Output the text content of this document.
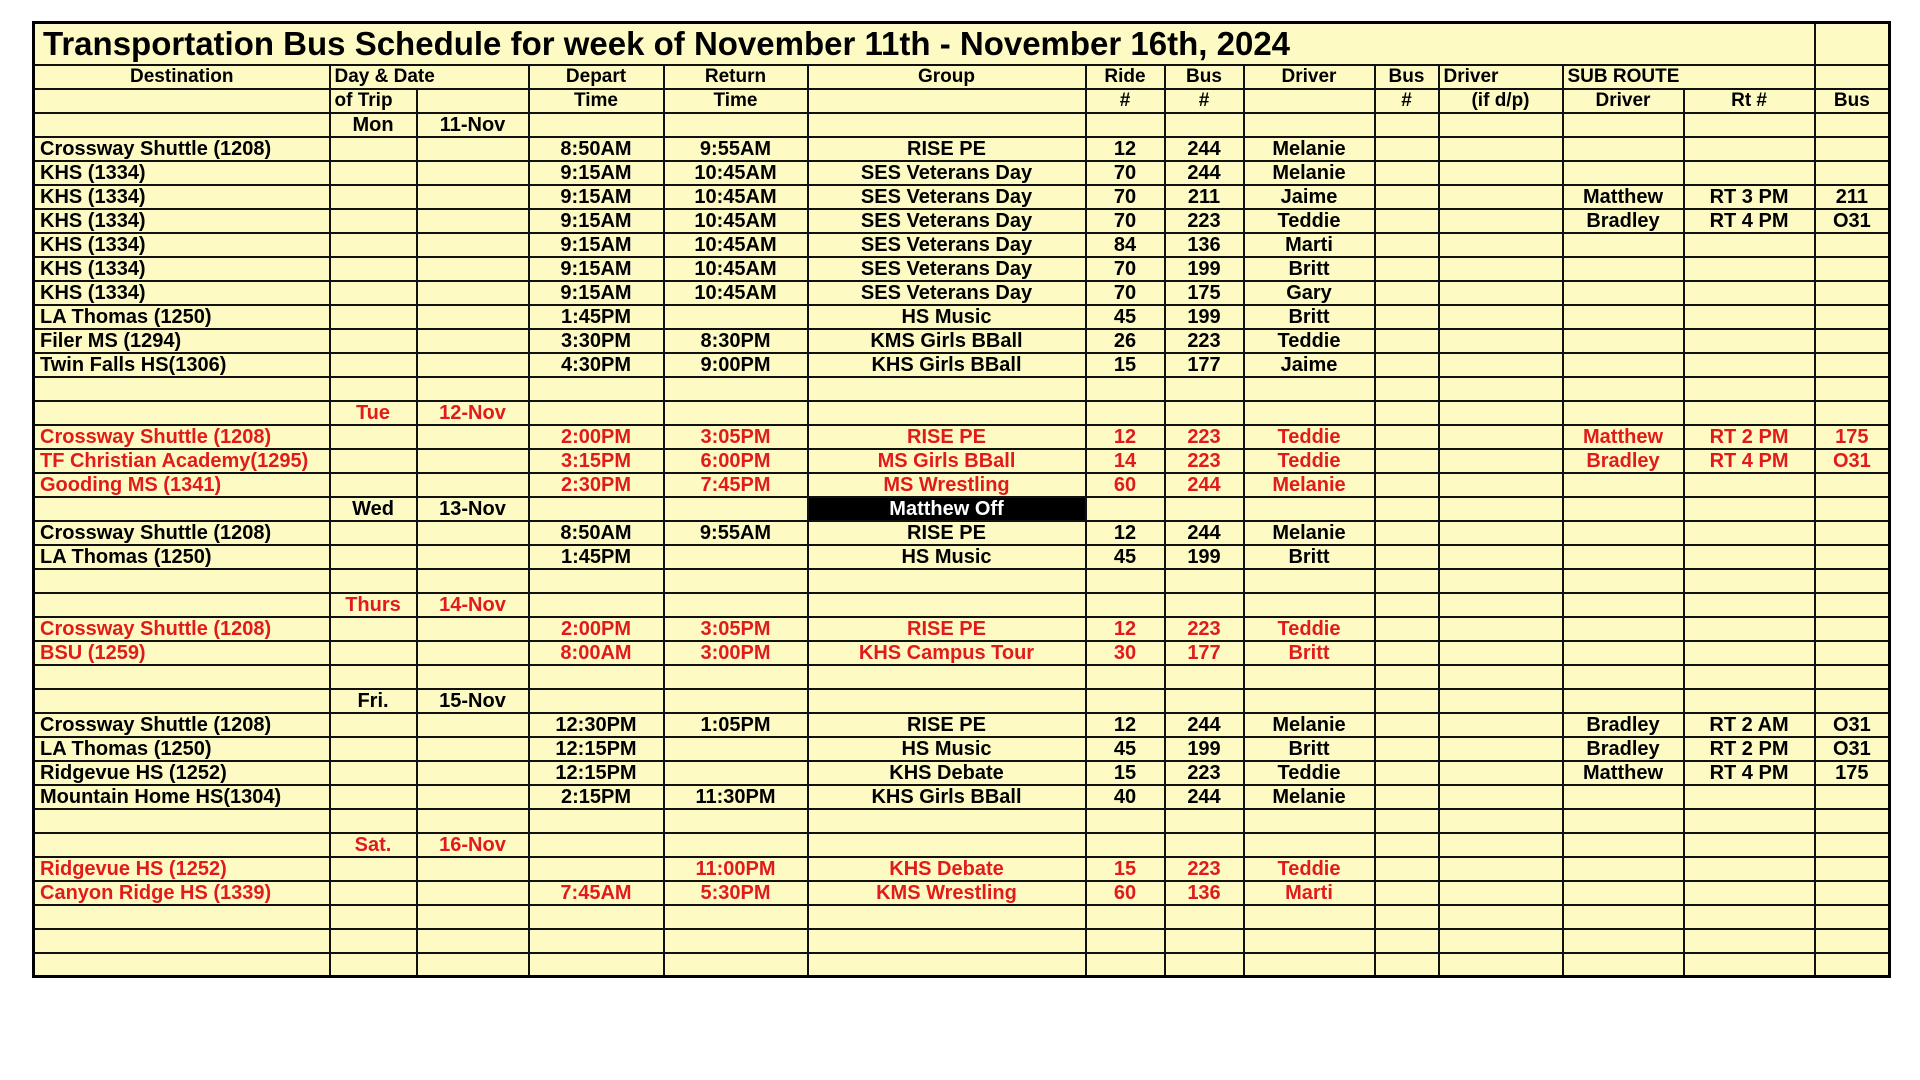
Transportation Bus Schedule for week of November 11th - November 16th, 2024													
Destination	Day & Date		Depart	Return	Group	Ride	Bus	Driver	Bus	Driver	SUB ROUTE		
	of Trip		Time	Time		#	#		#	(if d/p)	Driver	Rt #	Bus
	Mon	11-Nov											
Crossway Shuttle (1208)			8:50AM	9:55AM	RISE PE	12	244	Melanie					
KHS (1334)			9:15AM	10:45AM	SES Veterans Day	70	244	Melanie					
KHS (1334)			9:15AM	10:45AM	SES Veterans Day	70	211	Jaime			Matthew	RT 3 PM	211
KHS (1334)			9:15AM	10:45AM	SES Veterans Day	70	223	Teddie			Bradley	RT 4 PM	O31
KHS (1334)			9:15AM	10:45AM	SES Veterans Day	84	136	Marti					
KHS (1334)			9:15AM	10:45AM	SES Veterans Day	70	199	Britt					
KHS (1334)			9:15AM	10:45AM	SES Veterans Day	70	175	Gary					
LA Thomas (1250)			1:45PM		HS Music	45	199	Britt					
Filer MS (1294)			3:30PM	8:30PM	KMS Girls BBall	26	223	Teddie					
Twin Falls HS(1306)			4:30PM	9:00PM	KHS Girls BBall	15	177	Jaime					

	Tue	12-Nov											
Crossway Shuttle (1208)			2:00PM	3:05PM	RISE PE	12	223	Teddie			Matthew	RT 2 PM	175
TF Christian Academy(1295)			3:15PM	6:00PM	MS Girls BBall	14	223	Teddie			Bradley	RT 4 PM	O31
Gooding MS (1341)			2:30PM	7:45PM	MS Wrestling	60	244	Melanie					
	Wed	13-Nov			Matthew Off								
Crossway Shuttle (1208)			8:50AM	9:55AM	RISE PE	12	244	Melanie					
LA Thomas (1250)			1:45PM		HS Music	45	199	Britt					

	Thurs	14-Nov											
Crossway Shuttle (1208)			2:00PM	3:05PM	RISE PE	12	223	Teddie					
BSU (1259)			8:00AM	3:00PM	KHS Campus Tour	30	177	Britt					

	Fri.	15-Nov											
Crossway Shuttle (1208)			12:30PM	1:05PM	RISE PE	12	244	Melanie			Bradley	RT 2 AM	O31
LA Thomas (1250)			12:15PM		HS Music	45	199	Britt			Bradley	RT 2 PM	O31
Ridgevue HS (1252)			12:15PM		KHS Debate	15	223	Teddie			Matthew	RT 4 PM	175
Mountain Home HS(1304)			2:15PM	11:30PM	KHS Girls BBall	40	244	Melanie					

	Sat.	16-Nov											
Ridgevue HS (1252)				11:00PM	KHS Debate	15	223	Teddie					
Canyon Ridge HS (1339)			7:45AM	5:30PM	KMS Wrestling	60	136	Marti					
